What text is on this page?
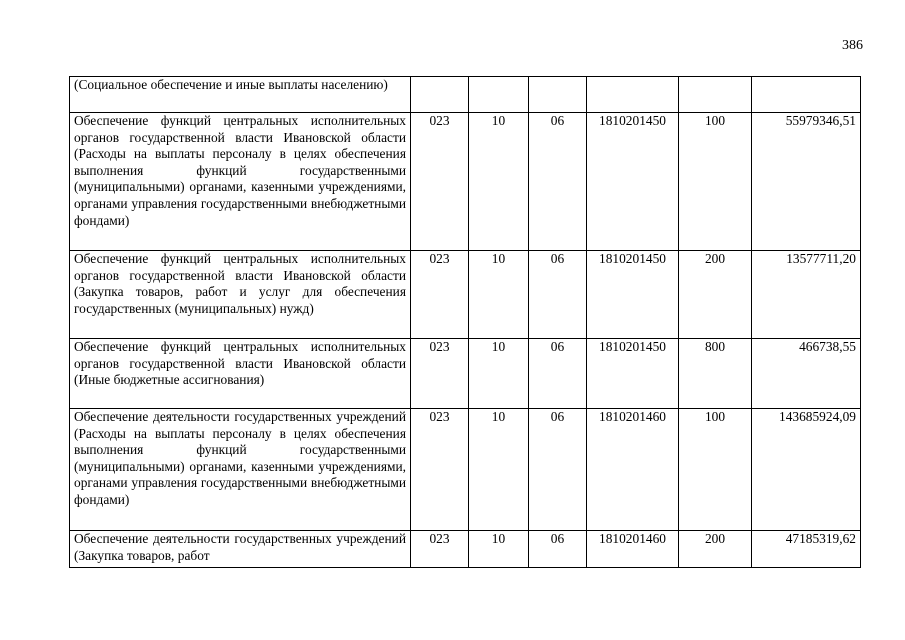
386
(Социальное обеспечение и иные выплаты населению)						
Обеспечение функций центральных исполнительных органов государственной власти Ивановской области (Расходы на выплаты персоналу в целях обеспечения выполнения функций государственными (муниципальными) органами, казенными учреждениями, органами управления государственными внебюджетными фондами)	023	10	06	1810201450	100	55979346,51
Обеспечение функций центральных исполнительных органов государственной власти Ивановской области (Закупка товаров, работ и услуг для обеспечения государственных (муниципальных) нужд)	023	10	06	1810201450	200	13577711,20
Обеспечение функций центральных исполнительных органов государственной власти Ивановской области (Иные бюджетные ассигнования)	023	10	06	1810201450	800	466738,55
Обеспечение деятельности государственных учреждений (Расходы на выплаты персоналу в целях обеспечения выполнения функций государственными (муниципальными) органами, казенными учреждениями, органами управления государственными внебюджетными фондами)	023	10	06	1810201460	100	143685924,09
Обеспечение деятельности государственных учреждений (Закупка товаров, работ	023	10	06	1810201460	200	47185319,62
